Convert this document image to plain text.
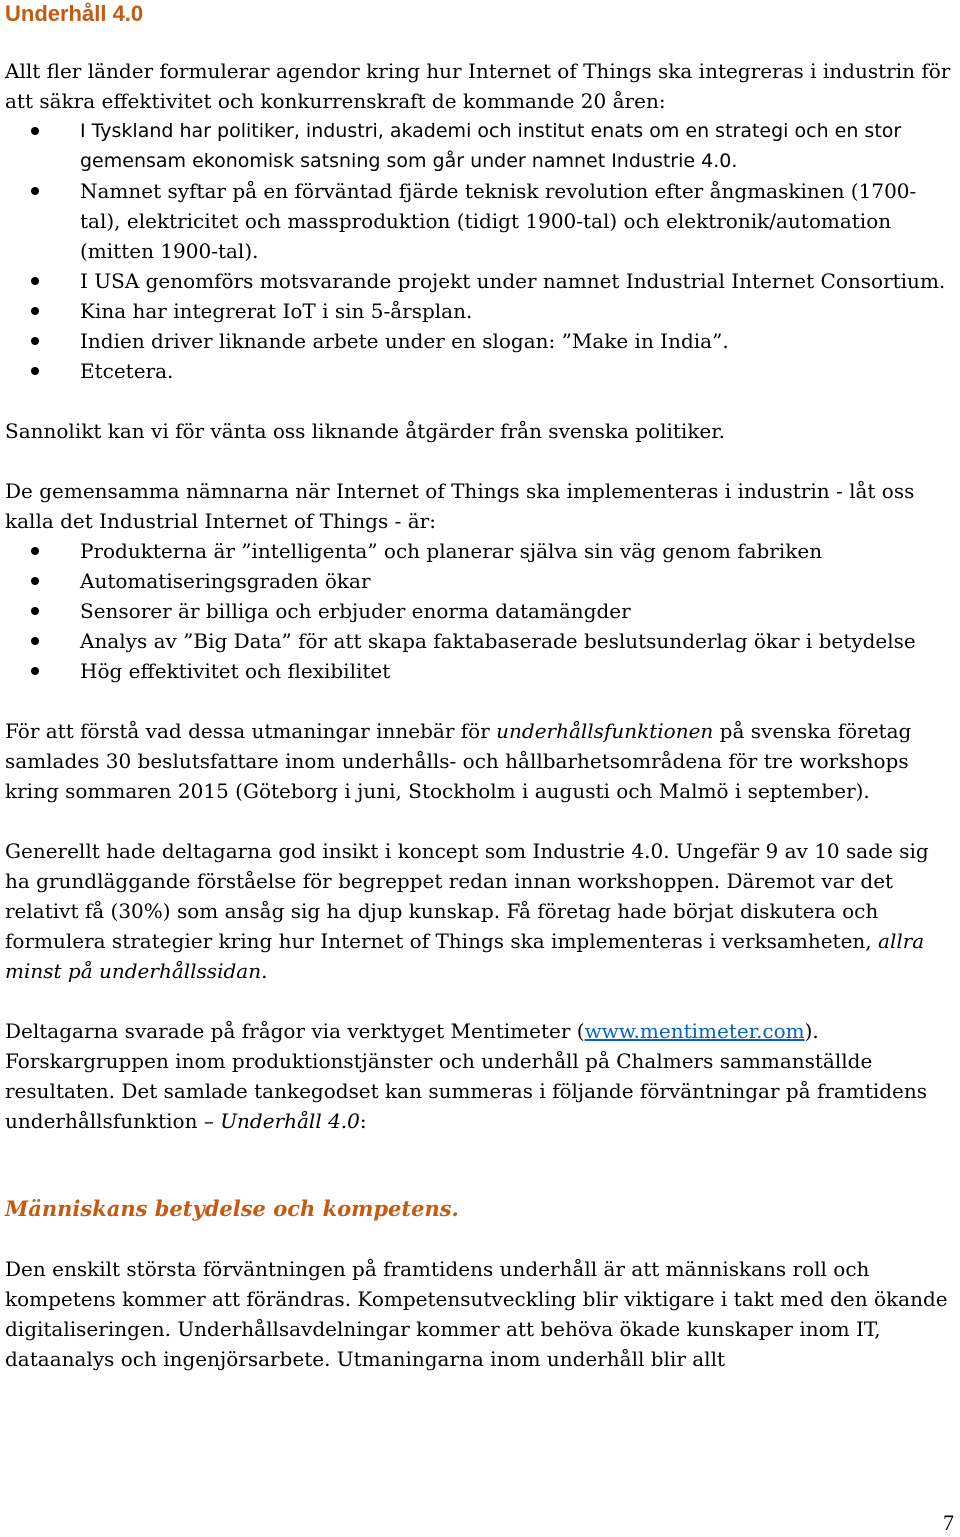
Underhåll 4.0

Allt fler länder formulerar agendor kring hur Internet of Things ska integreras i industrin för att säkra effektivitet och konkurrenskraft de kommande 20 åren:

I Tyskland har politiker, industri, akademi och institut enats om en strategi och en stor gemensam ekonomisk satsning som går under namnet Industrie 4.0.
Namnet syftar på en förväntad fjärde teknisk revolution efter ångmaskinen (1700-tal), elektricitet och massproduktion (tidigt 1900-tal) och elektronik/automation (mitten 1900-tal).
I USA genomförs motsvarande projekt under namnet Industrial Internet Consortium.
Kina har integrerat IoT i sin 5-årsplan.
Indien driver liknande arbete under en slogan: ”Make in India”.
Etcetera.

Sannolikt kan vi för vänta oss liknande åtgärder från svenska politiker.

De gemensamma nämnarna när Internet of Things ska implementeras i industrin - låt oss kalla det Industrial Internet of Things - är:

Produkterna är ”intelligenta” och planerar själva sin väg genom fabriken
Automatiseringsgraden ökar
Sensorer är billiga och erbjuder enorma datamängder
Analys av ”Big Data” för att skapa faktabaserade beslutsunderlag ökar i betydelse
Hög effektivitet och flexibilitet

För att förstå vad dessa utmaningar innebär för underhållsfunktionen på svenska företag samlades 30 beslutsfattare inom underhålls- och hållbarhetsområdena för tre workshops kring sommaren 2015 (Göteborg i juni, Stockholm i augusti och Malmö i september).

Generellt hade deltagarna god insikt i koncept som Industrie 4.0. Ungefär 9 av 10 sade sig ha grundläggande förståelse för begreppet redan innan workshoppen. Däremot var det relativt få (30%) som ansåg sig ha djup kunskap. Få företag hade börjat diskutera och formulera strategier kring hur Internet of Things ska implementeras i verksamheten, allra minst på underhållssidan.

Deltagarna svarade på frågor via verktyget Mentimeter (www.mentimeter.com). Forskargruppen inom produktionstjänster och underhåll på Chalmers sammanställde resultaten. Det samlade tankegodset kan summeras i följande förväntningar på framtidens underhållsfunktion – Underhåll 4.0:

Människans betydelse och kompetens.

Den enskilt största förväntningen på framtidens underhåll är att människans roll och kompetens kommer att förändras. Kompetensutveckling blir viktigare i takt med den ökande digitaliseringen. Underhållsavdelningar kommer att behöva ökade kunskaper inom IT, dataanalys och ingenjörsarbete. Utmaningarna inom underhåll blir allt

7
